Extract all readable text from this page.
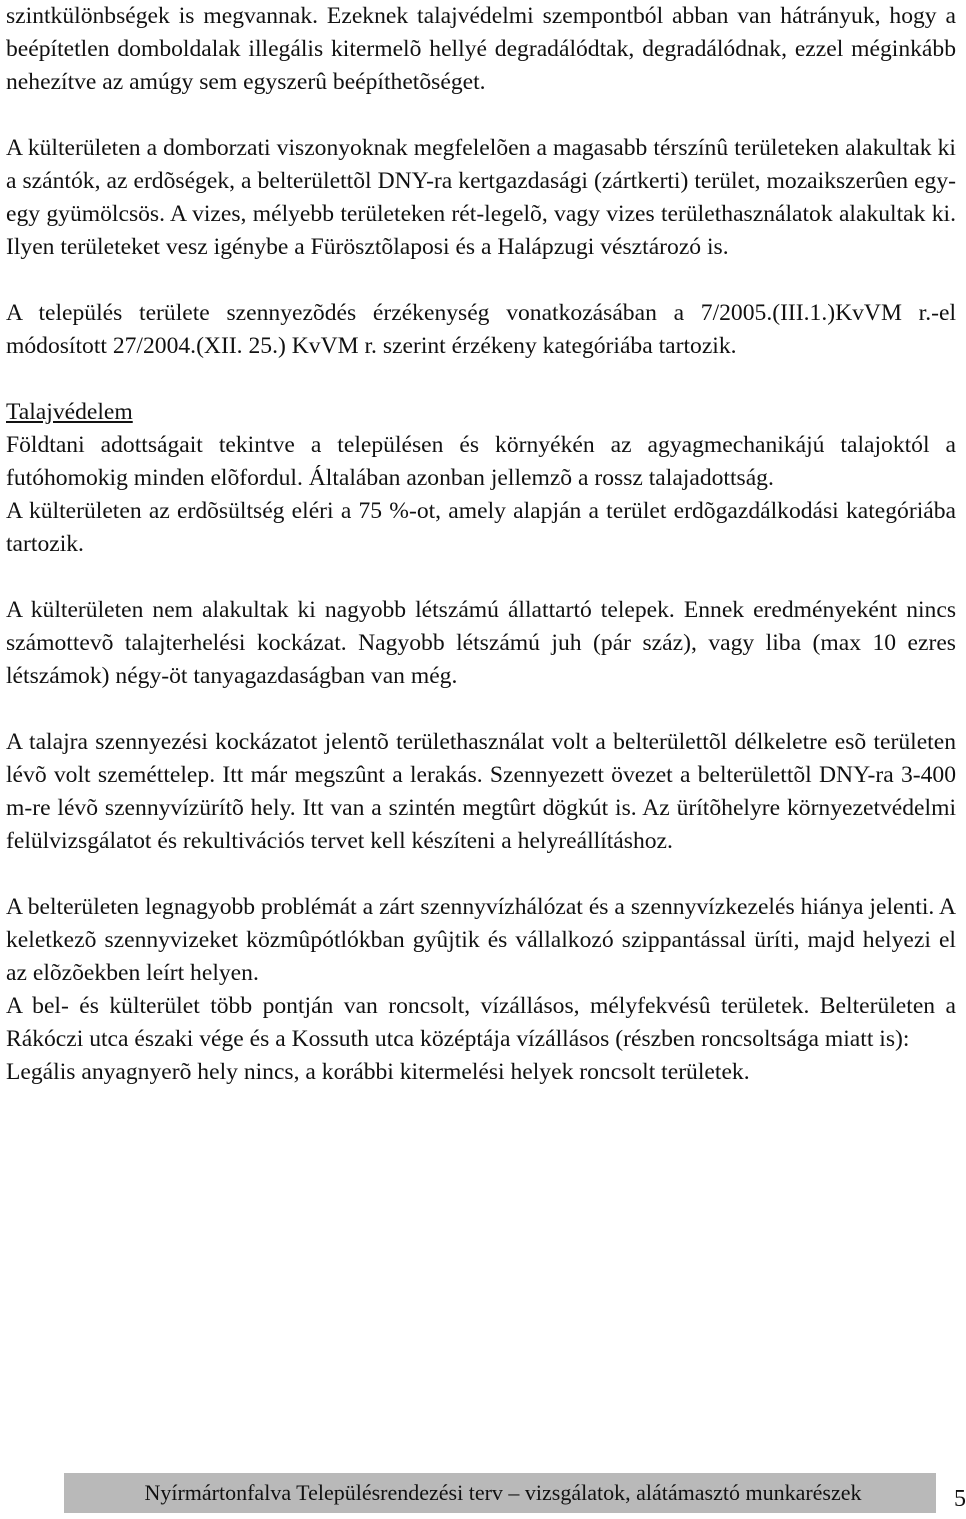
szintkülönbségek is megvannak. Ezeknek talajvédelmi szempontból abban van hátrányuk, hogy a beépítetlen domboldalak illegális kitermelõ hellyé degradálódtak, degradálódnak, ezzel méginkább nehezítve az amúgy sem egyszerû beépíthetõséget.

A külterületen a domborzati viszonyoknak megfelelõen a magasabb térszínû területeken alakultak ki a szántók, az erdõségek, a belterülettõl DNY-ra kertgazdasági (zártkerti) terület, mozaikszerûen egy-egy gyümölcsös. A vizes, mélyebb területeken rét-legelõ, vagy vizes területhasználatok alakultak ki. Ilyen területeket vesz igénybe a Fürösztõlaposi és a Halápzugi vésztározó is.

A település területe szennyezõdés érzékenység vonatkozásában a 7/2005.(III.1.)KvVM r.-el módosított 27/2004.(XII. 25.) KvVM r. szerint érzékeny kategóriába tartozik.

Talajvédelem

Földtani adottságait tekintve a településen és környékén az agyagmechanikájú talajoktól a futóhomokig minden elõfordul. Általában azonban jellemzõ a rossz talajadottság.

A külterületen az erdõsültség eléri a 75 %-ot, amely alapján a terület erdõgazdálkodási kategóriába tartozik.

A külterületen nem alakultak ki nagyobb létszámú állattartó telepek. Ennek eredményeként nincs számottevõ talajterhelési kockázat. Nagyobb létszámú juh (pár száz), vagy liba (max 10 ezres létszámok) négy-öt tanyagazdaságban van még.

A talajra szennyezési kockázatot jelentõ területhasználat volt a belterülettõl délkeletre esõ területen lévõ volt szeméttelep. Itt már megszûnt a lerakás. Szennyezett övezet a belterülettõl DNY-ra 3-400 m-re lévõ szennyvízürítõ hely. Itt van a szintén megtûrt dögkút is. Az ürítõhelyre környezetvédelmi felülvizsgálatot és rekultivációs tervet kell készíteni a helyreállításhoz.

A belterületen legnagyobb problémát a zárt szennyvízhálózat és a szennyvízkezelés hiánya jelenti. A keletkezõ szennyvizeket közmûpótlókban gyûjtik és vállalkozó szippantással üríti, majd helyezi el az elõzõekben leírt helyen.

A bel- és külterület több pontján van roncsolt, vízállásos, mélyfekvésû területek. Belterületen a Rákóczi utca északi vége és a Kossuth utca középtája vízállásos (részben roncsoltsága miatt is):

Legális anyagnyerõ hely nincs, a korábbi kitermelési helyek roncsolt területek.

Nyírmártonfalva Településrendezési terv – vizsgálatok, alátámasztó munkarészek	5
